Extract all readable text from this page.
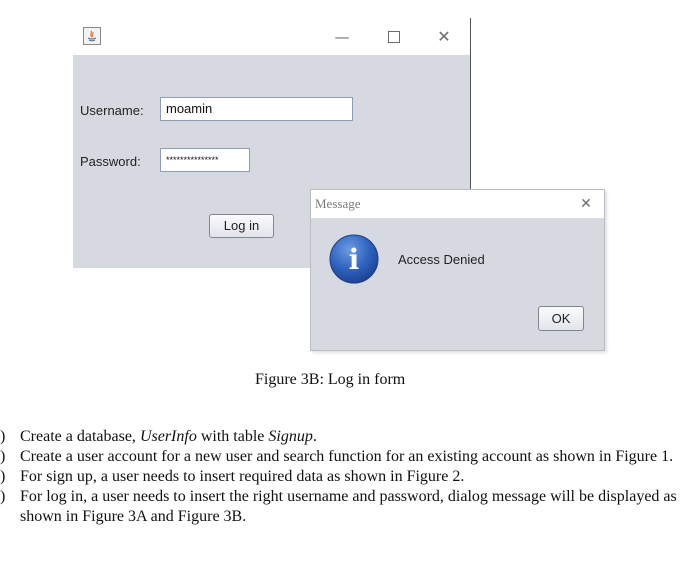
—	✕
Username:	moamin
Password:	***************
Log in
Message	✕
i	Access Denied
OK
Figure 3B: Log in form
) Create a database, UserInfo with table Signup.
) Create a user account for a new user and search function for an existing account as shown in Figure 1.
) For sign up, a user needs to insert required data as shown in Figure 2.
) For log in, a user needs to insert the right username and password, dialog message will be displayed as shown in Figure 3A and Figure 3B.
